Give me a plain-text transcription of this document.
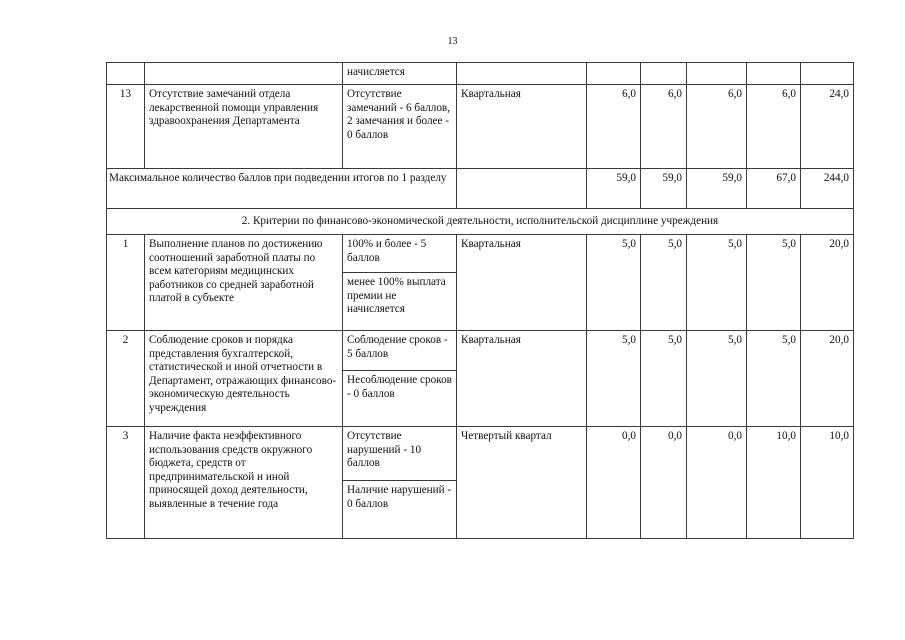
13
		начисляется						
13	Отсутствие замечаний отдела лекарственной помощи управления здравоохранения Департамента	Отсутствие замечаний - 6 баллов, 2 замечания и более - 0 баллов	Квартальная	6,0	6,0	6,0	6,0	24,0
Максимальное количество баллов при подведении итогов по 1 разделу				59,0	59,0	59,0	67,0	244,0
2. Критерии по финансово-экономической деятельности, исполнительской дисциплине учреждения								
1	Выполнение планов по достижению соотношений заработной платы по всем категориям медицинских работников со средней заработной платой в субъекте	100% и более - 5 баллов	Квартальная	5,0	5,0	5,0	5,0	20,0
		менее 100% выплата премии не начисляется						
2	Соблюдение сроков и порядка представления бухгалтерской, статистической и иной отчетности в Департамент, отражающих финансово-экономическую деятельность учреждения	Соблюдение сроков - 5 баллов	Квартальная	5,0	5,0	5,0	5,0	20,0
		Несоблюдение сроков - 0 баллов						
3	Наличие факта неэффективного использования средств окружного бюджета, средств от предпринимательской и иной приносящей доход деятельности, выявленные в течение года	Отсутствие нарушений - 10 баллов	Четвертый квартал	0,0	0,0	0,0	10,0	10,0
		Наличие нарушений - 0 баллов						
